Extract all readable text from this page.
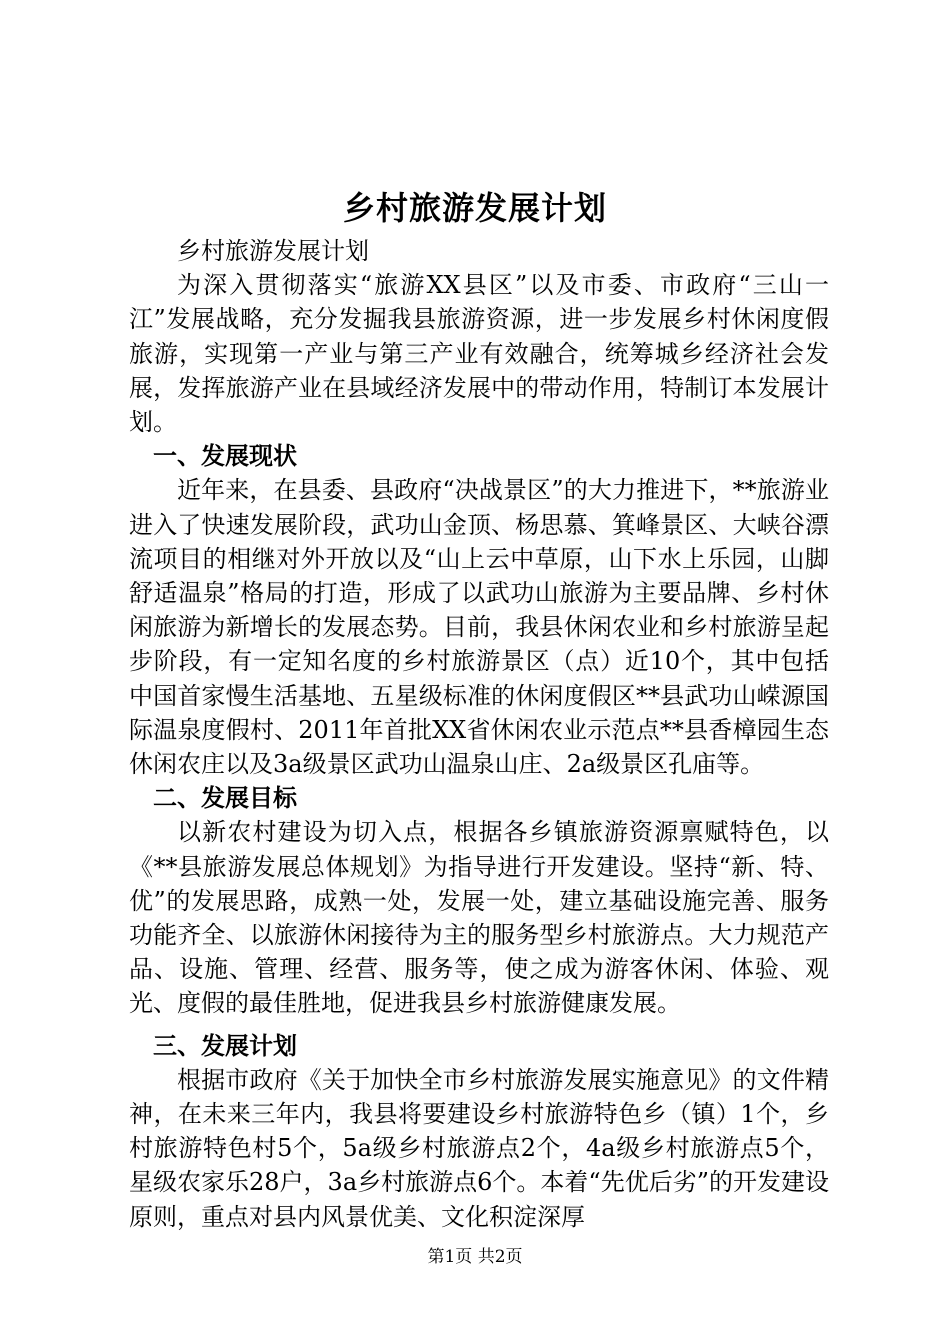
乡村旅游发展计划

乡村旅游发展计划

为深入贯彻落实“旅游XX县区”以及市委、市政府“三山一江”发展战略，充分发掘我县旅游资源，进一步发展乡村休闲度假旅游，实现第一产业与第三产业有效融合，统筹城乡经济社会发展，发挥旅游产业在县域经济发展中的带动作用，特制订本发展计划。

一、发展现状

近年来，在县委、县政府“决战景区”的大力推进下，**旅游业进入了快速发展阶段，武功山金顶、杨思慕、箕峰景区、大峡谷漂流项目的相继对外开放以及“山上云中草原，山下水上乐园，山脚舒适温泉”格局的打造，形成了以武功山旅游为主要品牌、乡村休闲旅游为新增长的发展态势。目前，我县休闲农业和乡村旅游呈起步阶段，有一定知名度的乡村旅游景区（点）近10个，其中包括中国首家慢生活基地、五星级标准的休闲度假区**县武功山嵘源国际温泉度假村、2011年首批XX省休闲农业示范点**县香樟园生态休闲农庄以及3a级景区武功山温泉山庄、2a级景区孔庙等。

二、发展目标

以新农村建设为切入点，根据各乡镇旅游资源禀赋特色，以《**县旅游发展总体规划》为指导进行开发建设。坚持“新、特、优”的发展思路，成熟一处，发展一处，建立基础设施完善、服务功能齐全、以旅游休闲接待为主的服务型乡村旅游点。大力规范产品、设施、管理、经营、服务等，使之成为游客休闲、体验、观光、度假的最佳胜地，促进我县乡村旅游健康发展。

三、发展计划

根据市政府《关于加快全市乡村旅游发展实施意见》的文件精神，在未来三年内，我县将要建设乡村旅游特色乡（镇）1个，乡村旅游特色村5个，5a级乡村旅游点2个，4a级乡村旅游点5个，星级农家乐28户，3a乡村旅游点6个。本着“先优后劣”的开发建设原则，重点对县内风景优美、文化积淀深厚

第1页 共2页
